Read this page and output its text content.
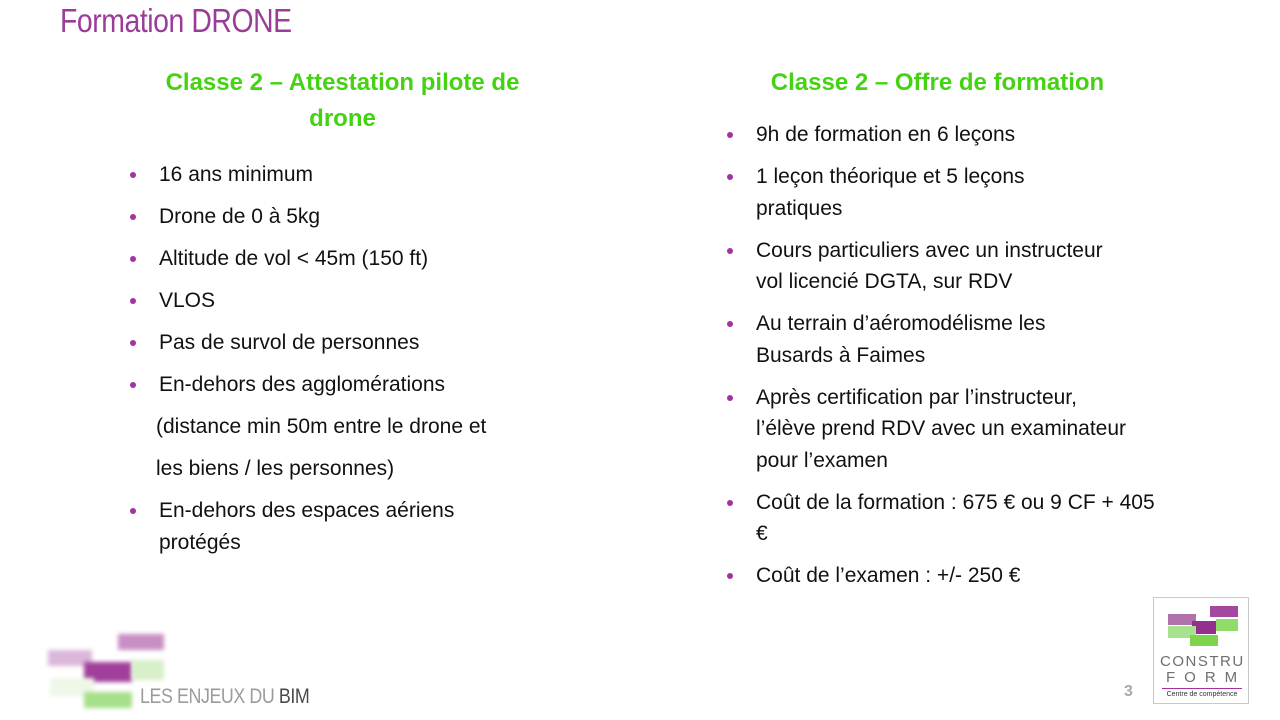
Formation DRONE
Classe 2 – Attestation pilote de
drone
16 ans minimum
Drone de 0 à 5kg
Altitude de vol < 45m (150 ft)
VLOS
Pas de survol de personnes
En-dehors des agglomérations
(distance min 50m entre le drone et
les biens / les personnes)
En-dehors des espaces aériens protégés
Classe 2 – Offre de formation
9h de formation en 6 leçons
1 leçon théorique et 5 leçons pratiques
Cours particuliers avec un instructeur vol licencié DGTA, sur RDV
Au terrain d’aéromodélisme les Busards à Faimes
Après certification par l’instructeur, l’élève prend RDV avec un examinateur pour l’examen
Coût de la formation : 675 € ou 9 CF + 405 €
Coût de l’examen : +/- 250 €
LES ENJEUX DU BIM	3
CONSTRU
FORM
Centre de compétence
